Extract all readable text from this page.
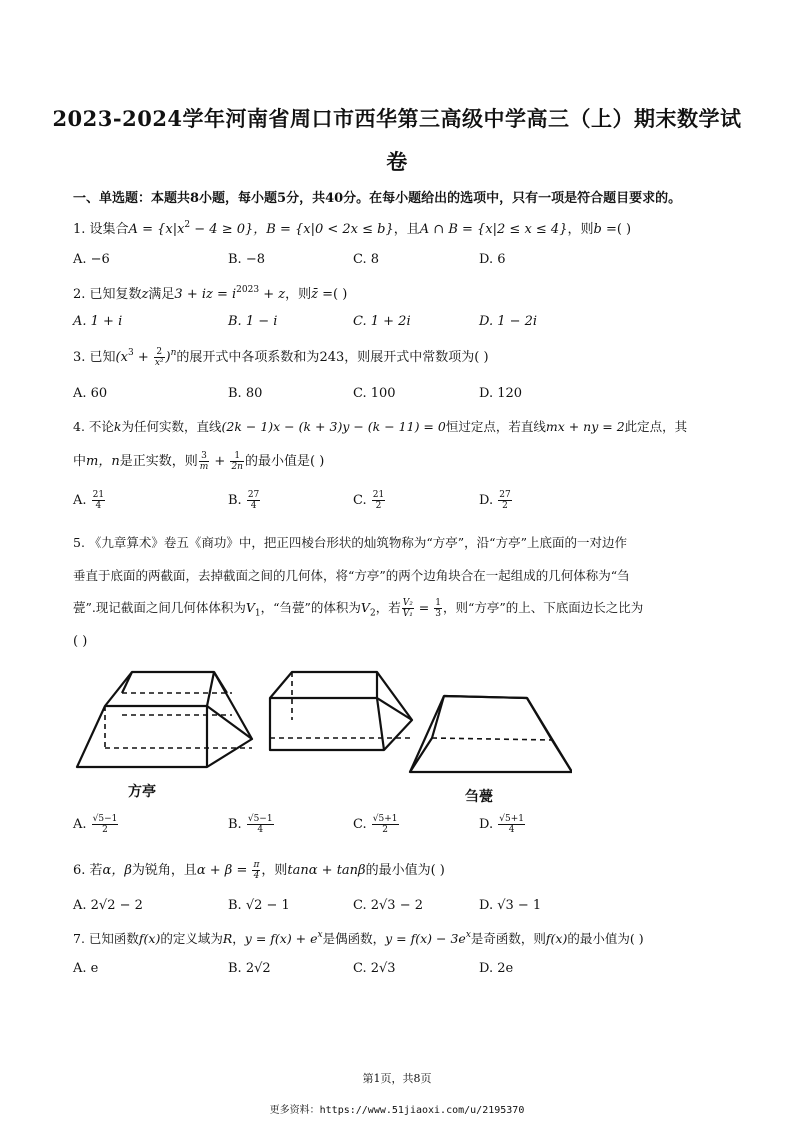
2023-2024学年河南省周口市西华第三高级中学高三（上）期末数学试
卷
一、单选题：本题共8小题，每小题5分，共40分。在每小题给出的选项中，只有一项是符合题目要求的。
1. 设集合$A = \{x|x^2 - 4 \ge 0\}$，B = {x|0 < 2x ≤ b}，且A ∩ B = {x|2 ≤ x ≤ 4}，则b =( )
A. −6	B. −8	C. 8	D. 6
2. 已知复数z满足3 + iz = $i^{2023} + z$，则z̄ =( )
A. 1 + i	B. 1 − i	C. 1 + 2i	D. 1 − 2i
3. 已知$(x^3 + \frac{2}{\text{x²}} )^n$的展开式中各项系数和为243，则展开式中常数项为( )
A. 60	B. 80	C. 100	D. 120
4. 不论k为任何实数，直线(2k − 1)x − (k + 3)y − (k − 11) = 0恒过定点，若直线mx + ny = 2此定点，其
中m，n是正实数，则 $\frac{3}{m} + \frac{1}{2n}$ 的最小值是( )
A. $\frac{21}{4}$	B. $\frac{27}{4}$	C. $\frac{21}{2}$	D. $\frac{27}{2}$
5. 《九章算术》卷五《商功》中，把正四棱台形状的灿筑物称为“方亭”，沿“方亭”上底面的一对边作
垂直于底面的两截面，去掉截面之间的几何体，将“方亭”的两个边角块合在一起组成的几何体称为“刍
甍”.现记截面之间几何体体积为$V_1$，“刍甍”的体积为$V_2$，若 $\frac{\text{V₂}}{\text{V₁}} = \frac{1}{3}$ ，则“方亭”的上、下底面边长之比为
( )
方亭	刍甍
A. $\frac{√5-1}{2}$	B. $\frac{√5-1}{4}$	C. $\frac{√5+1}{2}$	D. $\frac{√5+1}{4}$
6. 若α，β为锐角，且$\alpha + \beta = \frac{\pi}{4}$ ，则tanα + tanβ的最小值为( )
A. 2√2 − 2	B. √2 − 1	C. 2√3 − 2	D. √3 − 1
7. 已知函数f(x)的定义域为R，$y = f(x) + e^x$是偶函数，$y = f(x) - 3e^x$是奇函数，则f(x)的最小值为( )
A. e	B. 2√2	C. 2√3	D. 2e
第1页，共8页
更多资料：https://www.51jiaoxi.com/u/2195370
